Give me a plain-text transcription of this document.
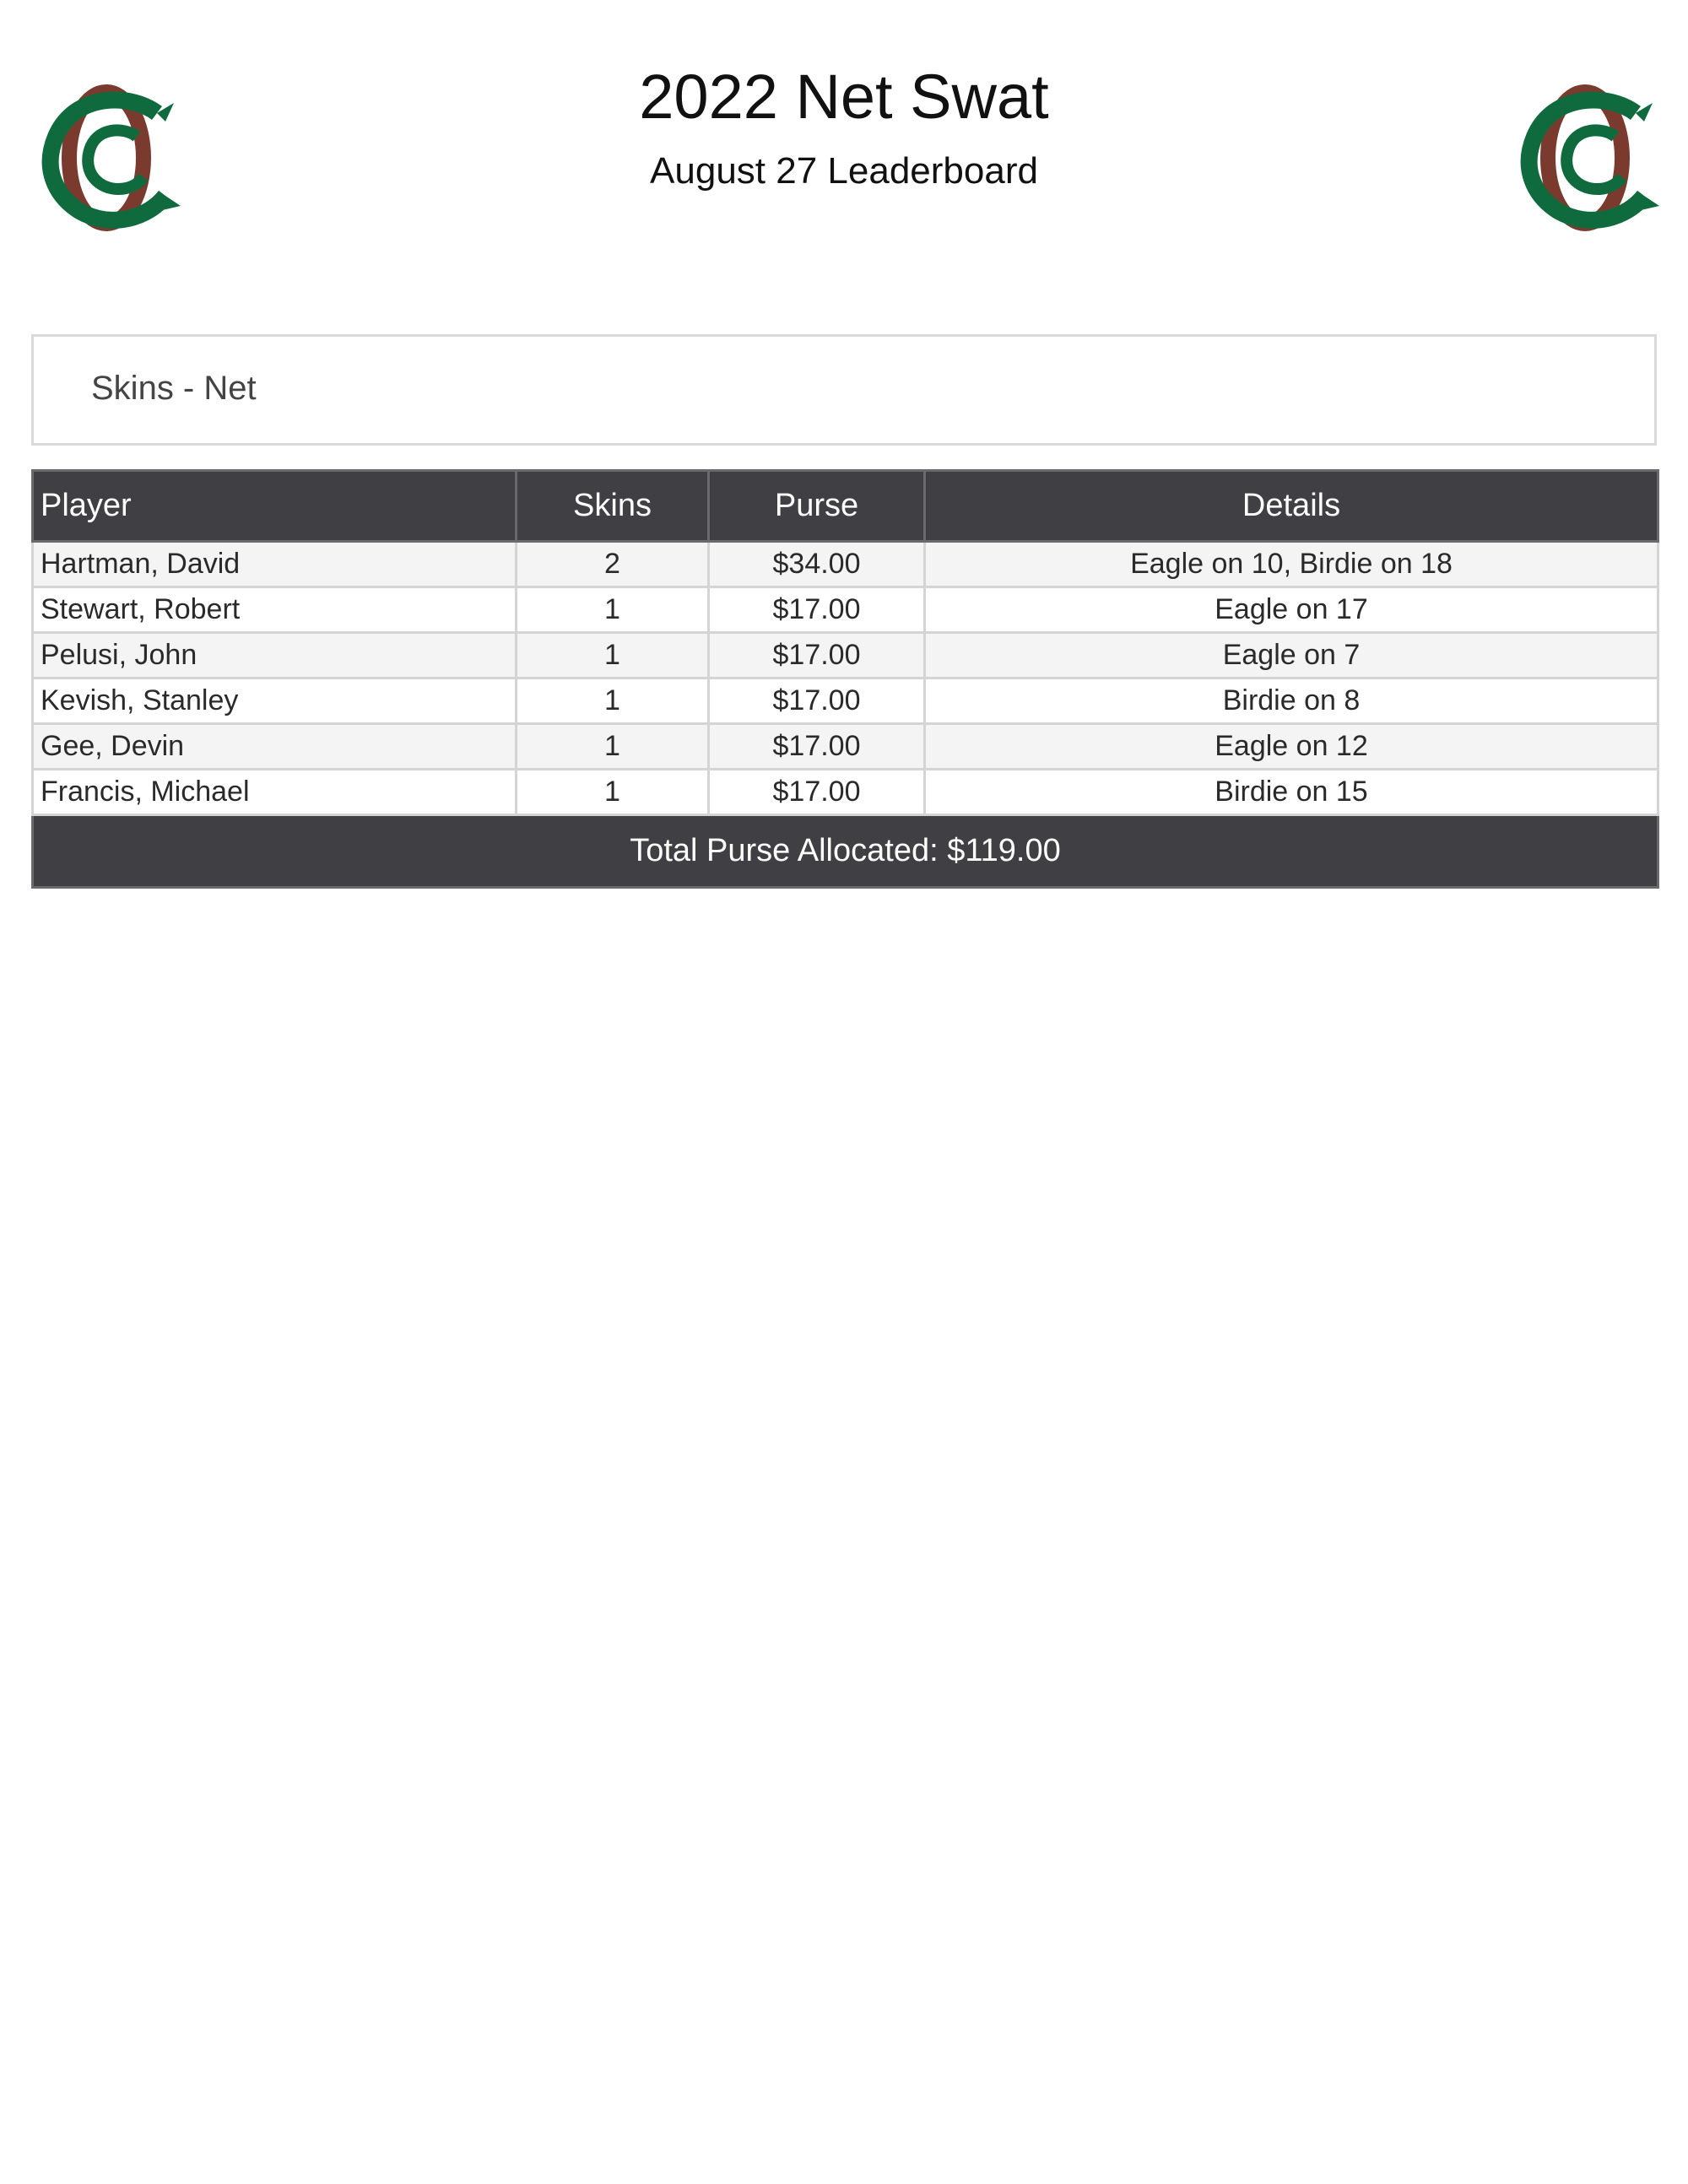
2022 Net Swat
August 27 Leaderboard
Skins - Net
Player	Skins	Purse	Details
Hartman, David	2	$34.00	Eagle on 10, Birdie on 18
Stewart, Robert	1	$17.00	Eagle on 17
Pelusi, John	1	$17.00	Eagle on 7
Kevish, Stanley	1	$17.00	Birdie on 8
Gee, Devin	1	$17.00	Eagle on 12
Francis, Michael	1	$17.00	Birdie on 15
Total Purse Allocated: $119.00			
